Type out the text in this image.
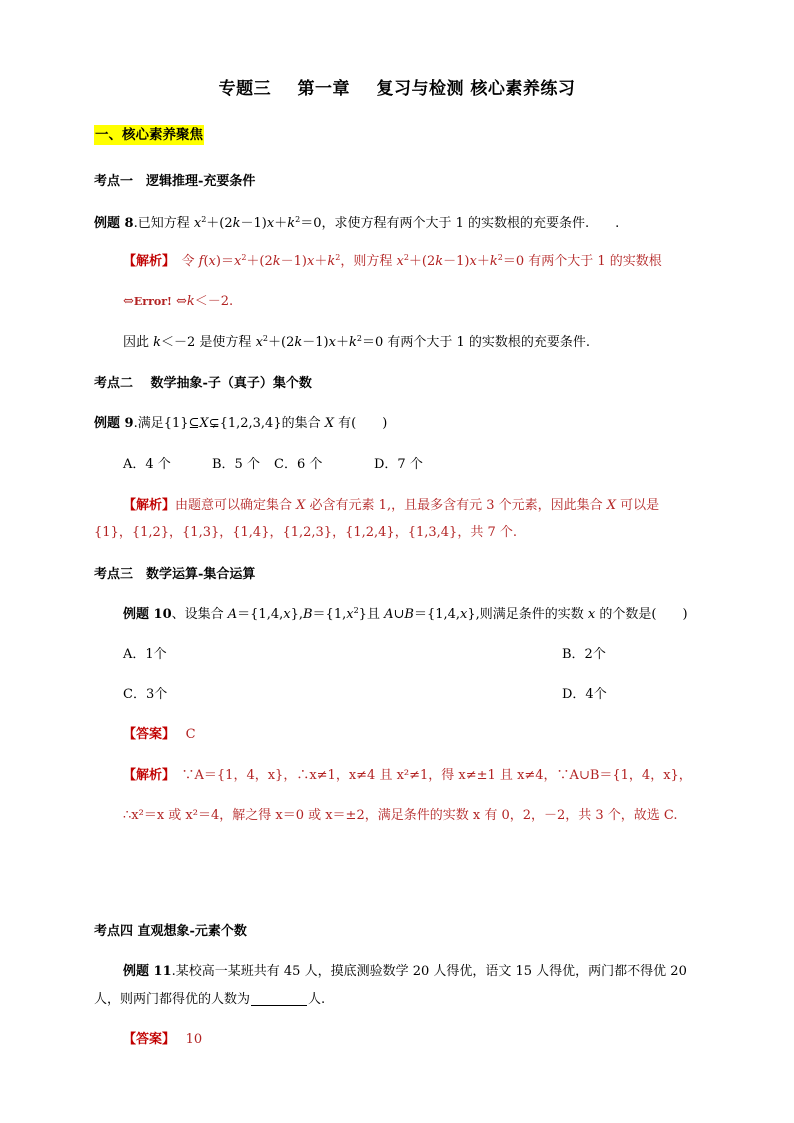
专题三 第一章 复习与检测 核心素养练习
一、核心素养聚焦
考点一　逻辑推理-充要条件
例题 8.已知方程 $x^2+(2k-1)x+k^2=0$，求使方程有两个大于 1 的实数根的充要条件.　　.
【解析】　令 $f(x)=x^2+(2k-1)x+k^2$，则方程 $x^2+(2k-1)x+k^2=0$ 有两个大于 1 的实数根
⇔Error! ⇔k＜－2.
因此 k＜－2 是使方程 $x^2+(2k-1)x+k^2=0$ 有两个大于 1 的实数根的充要条件.
考点二　 数学抽象-子（真子）集个数
例题 9.满足{1}⊆X⊊{1,2,3,4}的集合 X 有(　　)
A．4 个	B．5 个 C．6 个	D．7 个
【解析】由题意可以确定集合 X 必含有元素 1,，且最多含有元 3 个元素，因此集合 X 可以是
{1}，{1,2}，{1,3}，{1,4}，{1,2,3}，{1,2,4}，{1,3,4}，共 7 个.
考点三　数学运算-集合运算
例题 10、设集合 $A=\{1,4,x\},B=\{1,x^2\}$且 A∪B＝{1,4,x},则满足条件的实数 x 的个数是(　　)
A．1个	B．2个
C．3个	D．4个
【答案】　 C
【解析】　∵A＝{1，4，x}，∴x≠1，x≠4 且 x²≠1，得 x≠±1 且 x≠4，∵A∪B＝{1，4，x}，
∴x²＝x 或 x²＝4，解之得 x＝0 或 x＝±2，满足条件的实数 x 有 0，2，－2，共 3 个，故选 C.
考点四 直观想象-元素个数
例题 11.某校高一某班共有 45 人，摸底测验数学 20 人得优，语文 15 人得优，两门都不得优 20
人，则两门都得优的人数为	人.
【答案】　 10
